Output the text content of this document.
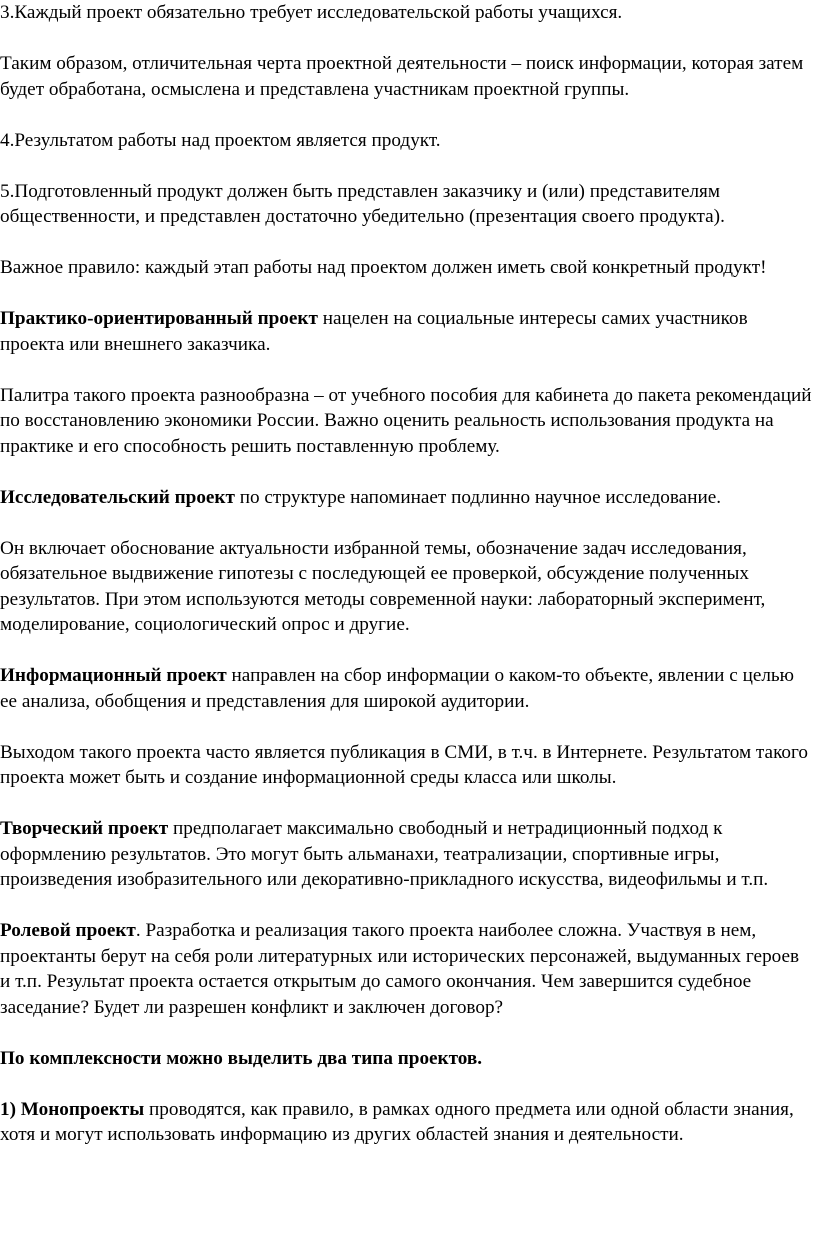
3.Каждый проект обязательно требует исследовательской работы учащихся.

Таким образом, отличительная черта проектной деятельности – поиск информации, которая затем будет обработана, осмыслена и представлена участникам проектной группы.

4.Результатом работы над проектом является продукт.

5.Подготовленный продукт должен быть представлен заказчику и (или) представителям общественности, и представлен достаточно убедительно (презентация своего продукта).

Важное правило: каждый этап работы над проектом должен иметь свой конкретный продукт!

Практико-ориентированный проект нацелен на социальные интересы самих участников проекта или внешнего заказчика.

Палитра такого проекта разнообразна – от учебного пособия для кабинета до пакета рекомендаций по восстановлению экономики России. Важно оценить реальность использования продукта на практике и его способность решить поставленную проблему.

Исследовательский проект по структуре напоминает подлинно научное исследование.

Он включает обоснование актуальности избранной темы, обозначение задач исследования, обязательное выдвижение гипотезы с последующей ее проверкой, обсуждение полученных результатов. При этом используются методы современной науки: лабораторный эксперимент, моделирование, социологический опрос и другие.

Информационный проект направлен на сбор информации о каком-то объекте, явлении с целью ее анализа, обобщения и представления для широкой аудитории.

Выходом такого проекта часто является публикация в СМИ, в т.ч. в Интернете. Результатом такого проекта может быть и создание информационной среды класса или школы.

Творческий проект предполагает максимально свободный и нетрадиционный подход к оформлению результатов. Это могут быть альманахи, театрализации, спортивные игры, произведения изобразительного или декоративно-прикладного искусства, видеофильмы и т.п.

Ролевой проект. Разработка и реализация такого проекта наиболее сложна. Участвуя в нем, проектанты берут на себя роли литературных или исторических персонажей, выдуманных героев и т.п. Результат проекта остается открытым до самого окончания. Чем завершится судебное заседание? Будет ли разрешен конфликт и заключен договор?

По комплексности можно выделить два типа проектов.

1) Монопроекты проводятся, как правило, в рамках одного предмета или одной области знания, хотя и могут использовать информацию из других областей знания и деятельности.
